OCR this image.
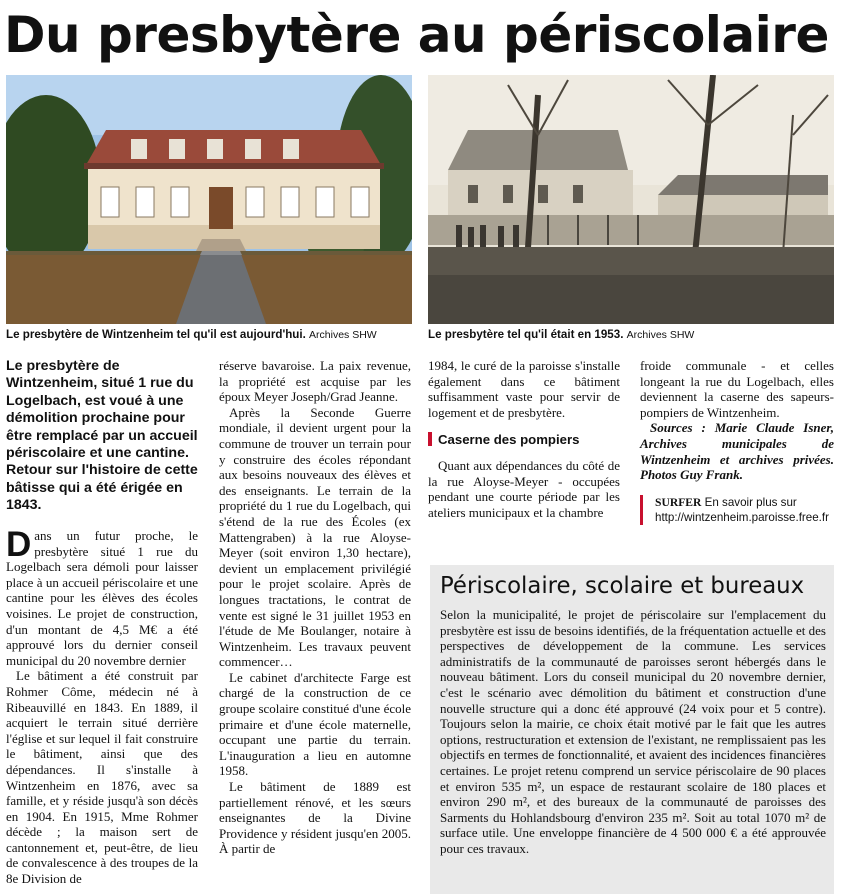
Du presbytère au périscolaire
Le presbytère de Wintzenheim tel qu'il est aujourd'hui. Archives SHW	Le presbytère tel qu'il était en 1953. Archives SHW
Le presbytère de Wintzenheim, situé 1 rue du Logelbach, est voué à une démolition prochaine pour être remplacé par un accueil périscolaire et une cantine. Retour sur l'histoire de cette bâtisse qui a été érigée en 1843.

Dans un futur proche, le presbytère situé 1 rue du Logelbach sera démoli pour laisser place à un accueil périscolaire et une cantine pour les élèves des écoles voisines. Le projet de construction, d'un montant de 4,5 M€ a été approuvé lors du dernier conseil municipal du 20 novembre dernier

Le bâtiment a été construit par Rohmer Côme, médecin né à Ribeauvillé en 1843. En 1889, il acquiert le terrain situé derrière l'église et sur lequel il fait construire le bâtiment, ainsi que des dépendances. Il s'installe à Wintzenheim en 1876, avec sa famille, et y réside jusqu'à son décès en 1904. En 1915, Mme Rohmer décède ; la maison sert de cantonnement et, peut-être, de lieu de convalescence à des troupes de la 8e Division de

réserve bavaroise. La paix revenue, la propriété est acquise par les époux Meyer Joseph/Grad Jeanne.

Après la Seconde Guerre mondiale, il devient urgent pour la commune de trouver un terrain pour y construire des écoles répondant aux besoins nouveaux des élèves et des enseignants. Le terrain de la propriété du 1 rue du Logelbach, qui s'étend de la rue des Écoles (ex Mattengraben) à la rue Aloyse-Meyer (soit environ 1,30 hectare), devient un emplacement privilégié pour le projet scolaire. Après de longues tractations, le contrat de vente est signé le 31 juillet 1953 en l'étude de Me Boulanger, notaire à Wintzenheim. Les travaux peuvent commencer…

Le cabinet d'architecte Farge est chargé de la construction de ce groupe scolaire constitué d'une école primaire et d'une école maternelle, occupant une partie du terrain. L'inauguration a lieu en automne 1958.

Le bâtiment de 1889 est partiellement rénové, et les sœurs enseignantes de la Divine Providence y résident jusqu'en 2005. À partir de

1984, le curé de la paroisse s'installe également dans ce bâtiment suffisamment vaste pour servir de logement et de presbytère.

Caserne des pompiers

Quant aux dépendances du côté de la rue Aloyse-Meyer - occupées pendant une courte période par les ateliers municipaux et la chambre

froide communale - et celles longeant la rue du Logelbach, elles deviennent la caserne des sapeurs-pompiers de Wintzenheim.

Sources : Marie Claude Isner, Archives municipales de Wintzenheim et archives privées. Photos Guy Frank.

SURFER En savoir plus sur http://wintzenheim.paroisse.free.fr
Périscolaire, scolaire et bureaux

Selon la municipalité, le projet de périscolaire sur l'emplacement du presbytère est issu de besoins identifiés, de la fréquentation actuelle et des perspectives de développement de la commune. Les services administratifs de la communauté de paroisses seront hébergés dans le nouveau bâtiment. Lors du conseil municipal du 20 novembre dernier, c'est le scénario avec démolition du bâtiment et construction d'une nouvelle structure qui a donc été approuvé (24 voix pour et 5 contre). Toujours selon la mairie, ce choix était motivé par le fait que les autres options, restructuration et extension de l'existant, ne remplissaient pas les objectifs en termes de fonctionnalité, et avaient des incidences financières certaines. Le projet retenu comprend un service périscolaire de 90 places et environ 535 m², un espace de restaurant scolaire de 180 places et environ 290 m², et des bureaux de la communauté de paroisses des Sarments du Hohlandsbourg d'environ 235 m². Soit au total 1070 m² de surface utile. Une enveloppe financière de 4 500 000 € a été approuvée pour ces travaux.
